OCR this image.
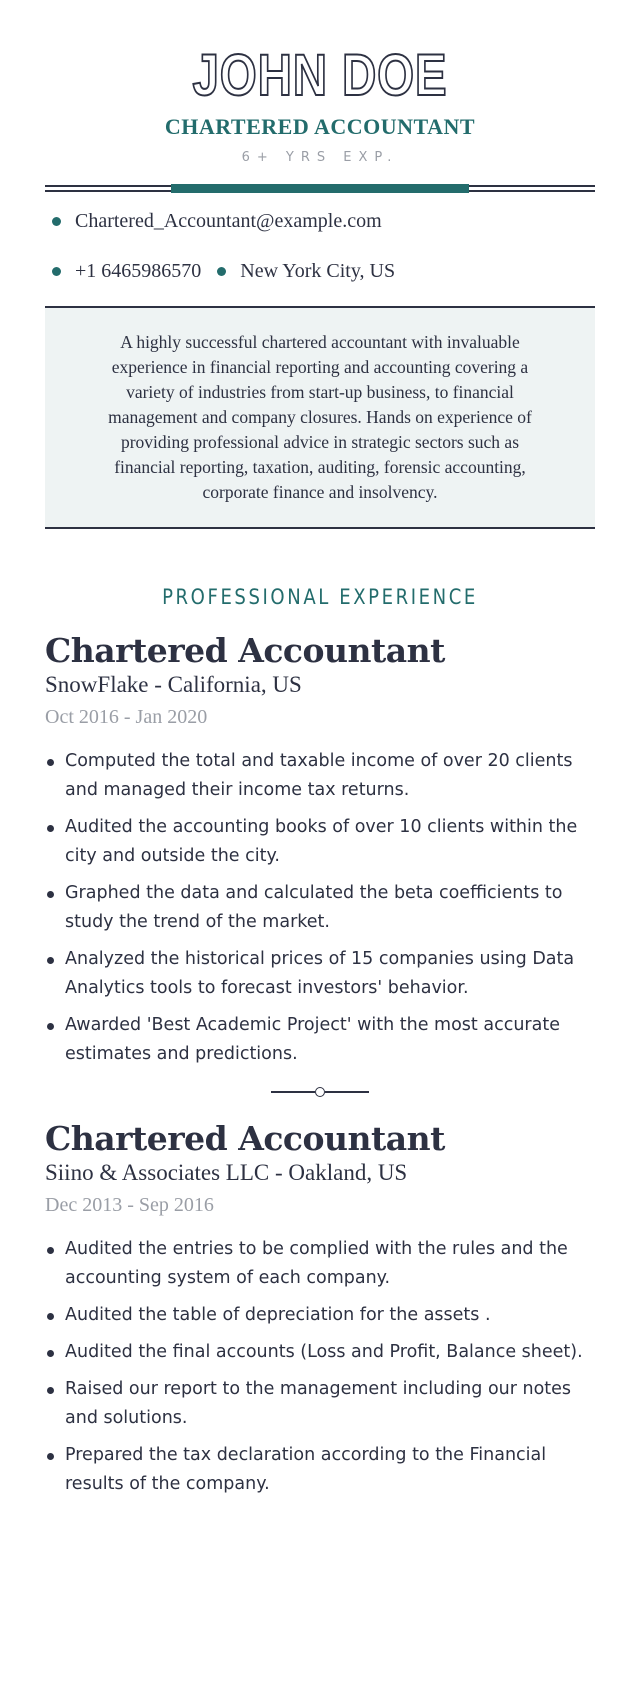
JOHN DOE
CHARTERED ACCOUNTANT
6+ YRS EXP.
Chartered_Accountant@example.com
+1 6465986570 New York City, US
A highly successful chartered accountant with invaluable experience in financial reporting and accounting covering a variety of industries from start-up business, to financial management and company closures. Hands on experience of providing professional advice in strategic sectors such as financial reporting, taxation, auditing, forensic accounting, corporate finance and insolvency.
PROFESSIONAL EXPERIENCE
Chartered Accountant
SnowFlake - California, US
Oct 2016 - Jan 2020
Computed the total and taxable income of over 20 clients and managed their income tax returns.
Audited the accounting books of over 10 clients within the city and outside the city.
Graphed the data and calculated the beta coefficients to study the trend of the market.
Analyzed the historical prices of 15 companies using Data Analytics tools to forecast investors' behavior.
Awarded 'Best Academic Project' with the most accurate estimates and predictions.
Chartered Accountant
Siino & Associates LLC - Oakland, US
Dec 2013 - Sep 2016
Audited the entries to be complied with the rules and the accounting system of each company.
Audited the table of depreciation for the assets .
Audited the final accounts (Loss and Profit, Balance sheet).
Raised our report to the management including our notes and solutions.
Prepared the tax declaration according to the Financial results of the company.
